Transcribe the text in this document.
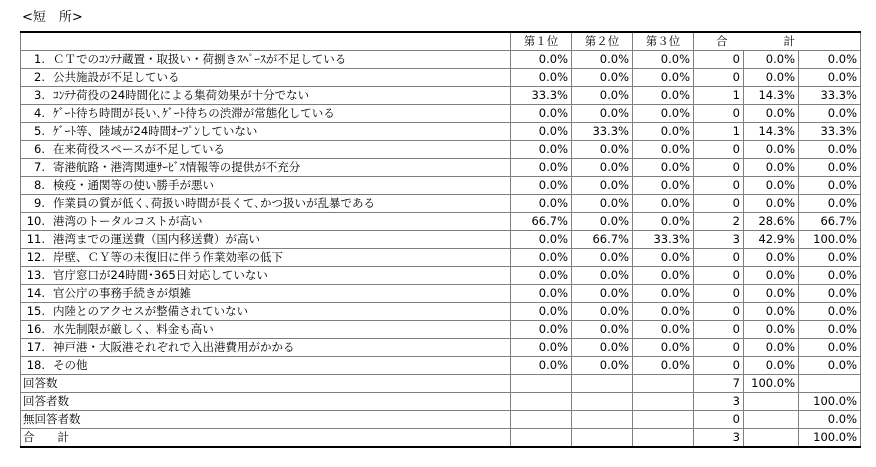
<短　所>
	第１位	第２位	第３位	合 計		
1. ＣＴでのｺﾝﾃﾅ蔵置・取扱い・荷捌きｽﾍﾟｰｽが不足している	0.0%	0.0%	0.0%	0	0.0%	0.0%
2. 公共施設が不足している	0.0%	0.0%	0.0%	0	0.0%	0.0%
3. ｺﾝﾃﾅ荷役の24時間化による集荷効果が十分でない	33.3%	0.0%	0.0%	1	14.3%	33.3%
4. ｹﾞｰﾄ待ち時間が長い､ｹﾞｰﾄ待ちの渋滞が常態化している	0.0%	0.0%	0.0%	0	0.0%	0.0%
5. ｹﾞｰﾄ等、陸域が24時間ｵｰﾌﾟﾝしていない	0.0%	33.3%	0.0%	1	14.3%	33.3%
6. 在来荷役スペースが不足している	0.0%	0.0%	0.0%	0	0.0%	0.0%
7. 寄港航路・港湾関連ｻｰﾋﾞｽ情報等の提供が不充分	0.0%	0.0%	0.0%	0	0.0%	0.0%
8. 検疫・通関等の使い勝手が悪い	0.0%	0.0%	0.0%	0	0.0%	0.0%
9. 作業員の質が低く､荷扱い時間が長くて､かつ扱いが乱暴である	0.0%	0.0%	0.0%	0	0.0%	0.0%
10. 港湾のトータルコストが高い	66.7%	0.0%	0.0%	2	28.6%	66.7%
11. 港湾までの運送費（国内移送費）が高い	0.0%	66.7%	33.3%	3	42.9%	100.0%
12. 岸壁、ＣＹ等の未復旧に伴う作業効率の低下	0.0%	0.0%	0.0%	0	0.0%	0.0%
13. 官庁窓口が24時間･365日対応していない	0.0%	0.0%	0.0%	0	0.0%	0.0%
14. 官公庁の事務手続きが煩雑	0.0%	0.0%	0.0%	0	0.0%	0.0%
15. 内陸とのアクセスが整備されていない	0.0%	0.0%	0.0%	0	0.0%	0.0%
16. 水先制限が厳しく、料金も高い	0.0%	0.0%	0.0%	0	0.0%	0.0%
17. 神戸港・大阪港それぞれで入出港費用がかかる	0.0%	0.0%	0.0%	0	0.0%	0.0%
18. その他	0.0%	0.0%	0.0%	0	0.0%	0.0%
回答数				7	100.0%	
回答者数				3		100.0%
無回答者数				0		0.0%
合　　計				3		100.0%
